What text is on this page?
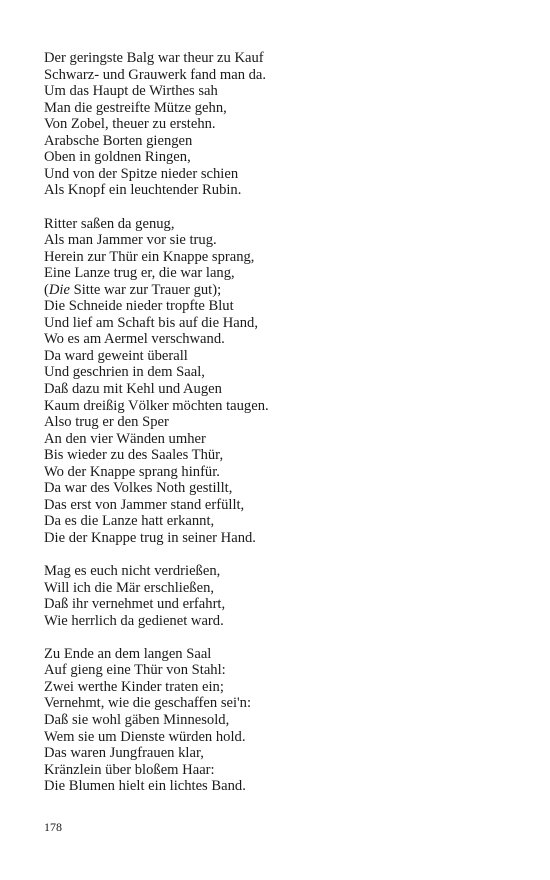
Der geringste Balg war theur zu Kauf
Schwarz- und Grauwerk fand man da.
Um das Haupt de Wirthes sah
Man die gestreifte Mütze gehn,
Von Zobel, theuer zu erstehn.
Arabsche Borten giengen
Oben in goldnen Ringen,
Und von der Spitze nieder schien
Als Knopf ein leuchtender Rubin.
Ritter saßen da genug,
Als man Jammer vor sie trug.
Herein zur Thür ein Knappe sprang,
Eine Lanze trug er, die war lang,
(Die Sitte war zur Trauer gut);
Die Schneide nieder tropfte Blut
Und lief am Schaft bis auf die Hand,
Wo es am Aermel verschwand.
Da ward geweint überall
Und geschrien in dem Saal,
Daß dazu mit Kehl und Augen
Kaum dreißig Völker möchten taugen.
Also trug er den Sper
An den vier Wänden umher
Bis wieder zu des Saales Thür,
Wo der Knappe sprang hinfür.
Da war des Volkes Noth gestillt,
Das erst von Jammer stand erfüllt,
Da es die Lanze hatt erkannt,
Die der Knappe trug in seiner Hand.
Mag es euch nicht verdrießen,
Will ich die Mär erschließen,
Daß ihr vernehmet und erfahrt,
Wie herrlich da gedienet ward.
Zu Ende an dem langen Saal
Auf gieng eine Thür von Stahl:
Zwei werthe Kinder traten ein;
Vernehmt, wie die geschaffen sei'n:
Daß sie wohl gäben Minnesold,
Wem sie um Dienste würden hold.
Das waren Jungfrauen klar,
Kränzlein über bloßem Haar:
Die Blumen hielt ein lichtes Band.
178
